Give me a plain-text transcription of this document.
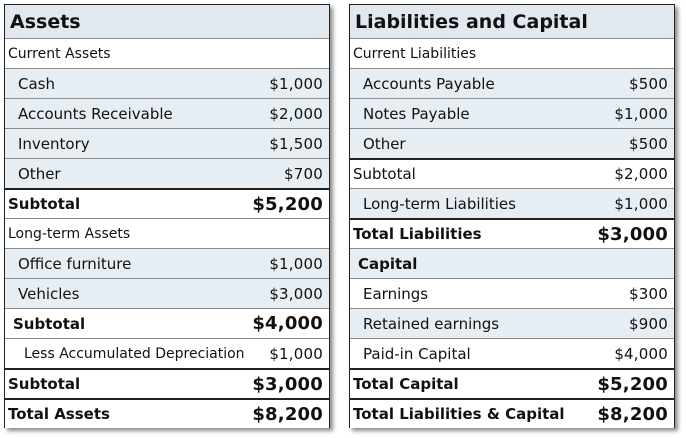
Assets
Current Assets
Cash	$1,000
Accounts Receivable	$2,000
Inventory	$1,500
Other	$700
Subtotal	$5,200
Long-term Assets
Office furniture	$1,000
Vehicles	$3,000
Subtotal	$4,000
Less Accumulated Depreciation $1,000
Subtotal	$3,000
Total Assets	$8,200
Liabilities and Capital
Current Liabilities
Accounts Payable	$500
Notes Payable	$1,000
Other	$500
Subtotal	$2,000
Long-term Liabilities	$1,000
Total Liabilities	$3,000
Capital
Earnings	$300
Retained earnings	$900
Paid-in Capital	$4,000
Total Capital	$5,200
Total Liabilities & Capital $8,200
